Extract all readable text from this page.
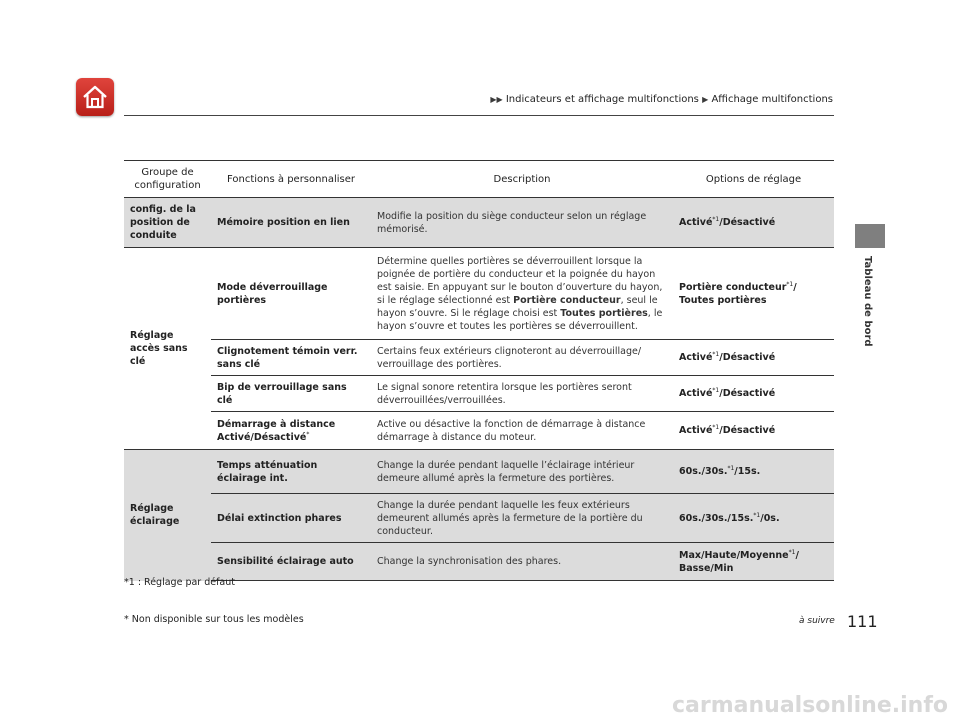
▶▶ Indicateurs et affichage multifonctions ▶ Affichage multifonctions
Tableau de bord
Groupe de configuration	Fonctions à personnaliser	Description	Options de réglage
config. de la position de conduite	Mémoire position en lien	Modifie la position du siège conducteur selon un réglage mémorisé.	Activé$^{*1}$/Désactivé
Réglage accès sans clé	Mode déverrouillage portières	Détermine quelles portières se déverrouillent lorsque la poignée de portière du conducteur et la poignée du hayon est saisie. En appuyant sur le bouton d’ouverture du hayon, si le réglage sélectionné est Portière conducteur, seul le hayon s’ouvre. Si le réglage choisi est Toutes portières, le hayon s’ouvre et toutes les portières se déverrouillent.	Portière conducteur$^{*1}$/ Toutes portières
	Clignotement témoin verr. sans clé	Certains feux extérieurs clignoteront au déverrouillage/ verrouillage des portières.	Activé$^{*1}$/Désactivé
	Bip de verrouillage sans clé	Le signal sonore retentira lorsque les portières seront déverrouillées/verrouillées.	Activé$^{*1}$/Désactivé
	Démarrage à distance Activé/Désactivé*	Active ou désactive la fonction de démarrage à distance démarrage à distance du moteur.	Activé$^{*1}$/Désactivé
Réglage éclairage	Temps atténuation éclairage int.	Change la durée pendant laquelle l’éclairage intérieur demeure allumé après la fermeture des portières.	60s./30s.$^{*1}$/15s.
	Délai extinction phares	Change la durée pendant laquelle les feux extérieurs demeurent allumés après la fermeture de la portière du conducteur.	60s./30s./15s.$^{*1}$/0s.
	Sensibilité éclairage auto	Change la synchronisation des phares.	Max/Haute/Moyenne$^{*1}$/ Basse/Min
*1 : Réglage par défaut
* Non disponible sur tous les modèles	à suivre 111
carmanualsonline.info
